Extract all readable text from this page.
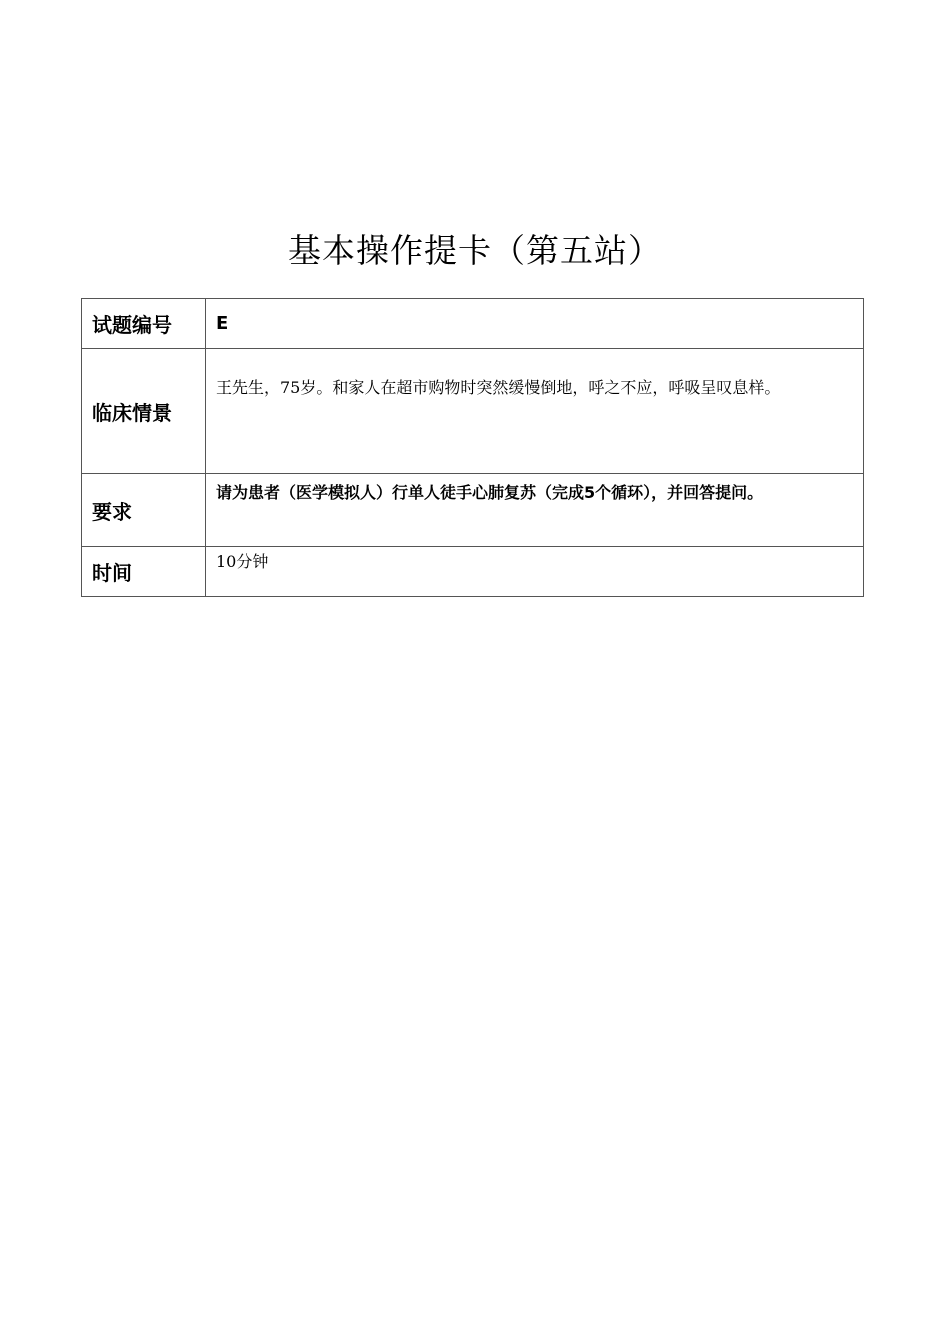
基本操作提卡（第五站）
试题编号	E

临床情景	王先生，75岁。和家人在超市购物时突然缓慢倒地，呼之不应，呼吸呈叹息样。

要求	请为患者（医学模拟人）行单人徒手心肺复苏（完成5个循环），并回答提问。

时间	10分钟
